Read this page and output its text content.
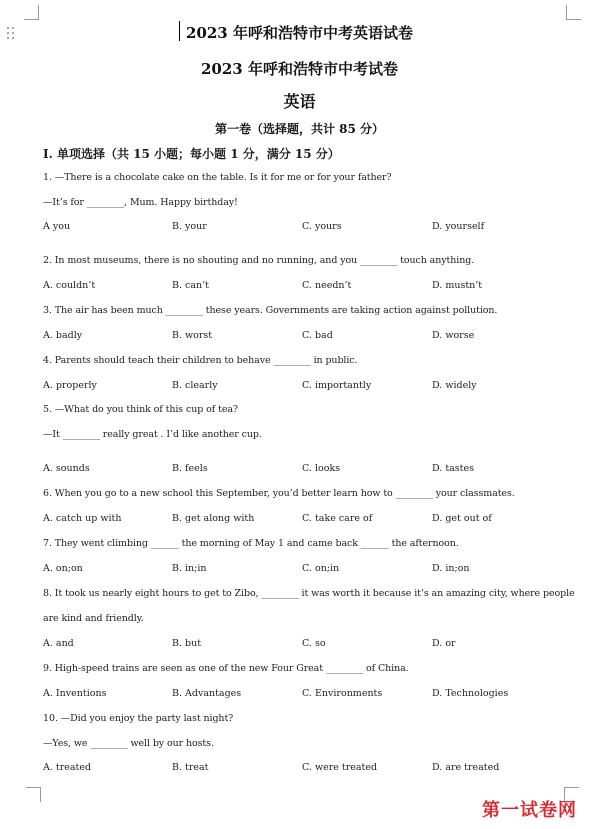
2023 年呼和浩特市中考英语试卷
2023 年呼和浩特市中考试卷
英语
第一卷（选择题，共计 85 分）
I. 单项选择（共 15 小题；每小题 1 分，满分 15 分）
1. —There is a chocolate cake on the table. Is it for me or for your father?
—It’s for ________, Mum. Happy birthday!
A you	B. your	C. yours	D. yourself
2. In most museums, there is no shouting and no running, and you ________ touch anything.
A. couldn’t	B. can’t	C. needn’t	D. mustn’t
3. The air has been much ________ these years. Governments are taking action against pollution.
A. badly	B. worst	C. bad	D. worse
4. Parents should teach their children to behave ________ in public.
A. properly	B. clearly	C. importantly	D. widely
5. —What do you think of this cup of tea?
—It ________ really great . I’d like another cup.
A. sounds	B. feels	C. looks	D. tastes
6. When you go to a new school this September, you’d better learn how to ________ your classmates.
A. catch up with	B. get along with	C. take care of	D. get out of
7. They went climbing ______ the morning of May 1 and came back ______ the afternoon.
A. on;on	B. in;in	C. on;in	D. in;on
8. It took us nearly eight hours to get to Zibo, ________ it was worth it because it’s an amazing city, where people
are kind and friendly.
A. and	B. but	C. so	D. or
9. High-speed trains are seen as one of the new Four Great ________ of China.
A. Inventions	B. Advantages	C. Environments	D. Technologies
10. —Did you enjoy the party last night?
—Yes, we ________ well by our hosts.
A. treated	B. treat	C. were treated	D. are treated
第一试卷网
